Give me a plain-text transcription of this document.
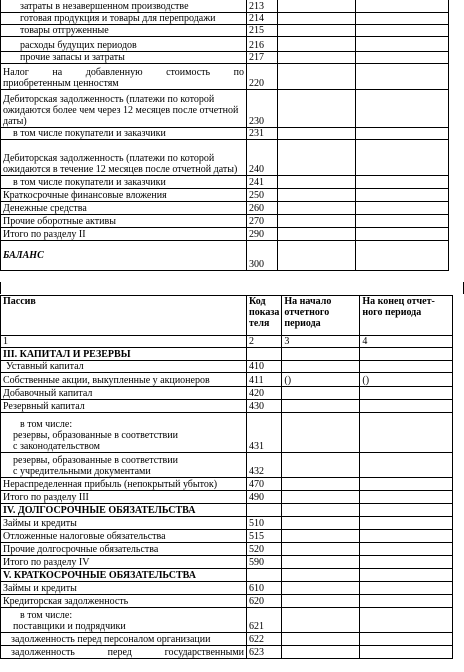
затраты в незавершенном производстве	213		
готовая продукция и товары для перепродажи	214		
товары отгруженные	215		
расходы будущих периодов	216		
прочие запасы и затраты	217		

Налог на добавленную стоимость по
приобретенным ценностям	220		
Дебиторская задолженность (платежи по которой ожидаются более чем через 12 месяцев после отчетной даты)	230		
в том числе покупатели и заказчики	231		
Дебиторская задолженность (платежи по которой ожидаются в течение 12 месяцев после отчетной даты)	240		
в том числе покупатели и заказчики	241		
Краткосрочные финансовые вложения	250		
Денежные средства	260		
Прочие оборотные активы	270		
Итого по разделу II	290		
БАЛАНС	300		
Пассив	Код показа теля	На начало отчетного периода	На конец отчет-ного периода
1	2	3	4
III. КАПИТАЛ И РЕЗЕРВЫ			
Уставный капитал	410		
Собственные акции, выкупленные у акционеров	411	()	()
Добавочный капитал	420		
Резервный капитал	430		

в том числе:
резервы, образованные в соответствии
с законодательством	431		

резервы, образованные в соответствии
с учредительными документами	432		
Нераспределенная прибыль (непокрытый убыток)	470		
Итого по разделу III	490		
IV. ДОЛГОСРОЧНЫЕ ОБЯЗАТЕЛЬСТВА			
Займы и кредиты	510		
Отложенные налоговые обязательства	515		
Прочие долгосрочные обязательства	520		
Итого по разделу IV	590		
V. КРАТКОСРОЧНЫЕ ОБЯЗАТЕЛЬСТВА			
Займы и кредиты	610		
Кредиторская задолженность	620		

в том числе:
поставщики и подрядчики	621		
задолженность перед персоналом организации	622		
задолженность перед государственными	623		
